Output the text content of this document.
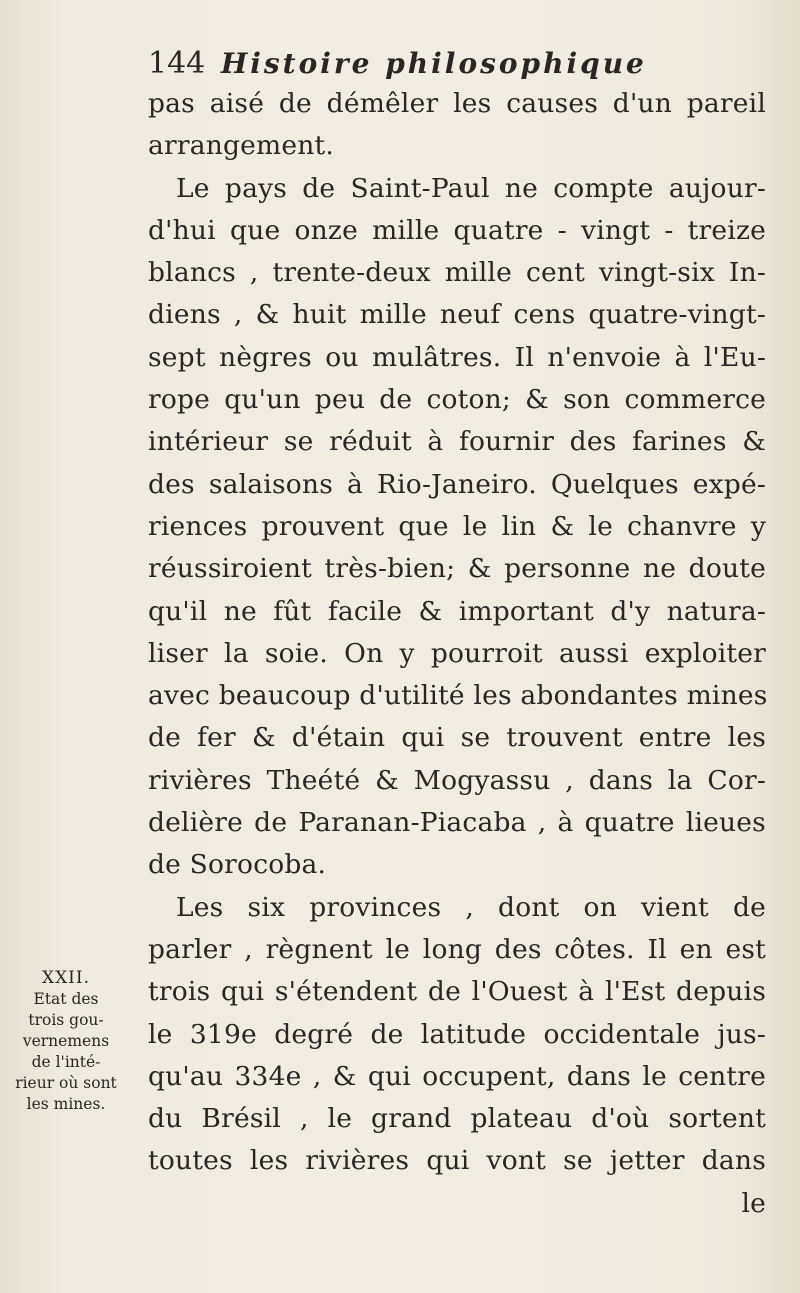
144 Histoire philosophique
pas aisé de démêler les causes d'un pareil
arrangement.
Le pays de Saint-Paul ne compte aujour-
d'hui que onze mille quatre - vingt - treize
blancs , trente-deux mille cent vingt-six In-
diens , & huit mille neuf cens quatre-vingt-
sept nègres ou mulâtres. Il n'envoie à l'Eu-
rope qu'un peu de coton; & son commerce
intérieur se réduit à fournir des farines &
des salaisons à Rio-Janeiro. Quelques expé-
riences prouvent que le lin & le chanvre y
réussiroient très-bien; & personne ne doute
qu'il ne fût facile & important d'y natura-
liser la soie. On y pourroit aussi exploiter
avec beaucoup d'utilité les abondantes mines
de fer & d'étain qui se trouvent entre les
rivières Theété & Mogyassu , dans la Cor-
delière de Paranan-Piacaba , à quatre lieues
de Sorocoba.
Les six provinces , dont on vient de
parler , règnent le long des côtes. Il en est
trois qui s'étendent de l'Ouest à l'Est depuis
le 319e degré de latitude occidentale jus-
qu'au 334e , & qui occupent, dans le centre
du Brésil , le grand plateau d'où sortent
toutes les rivières qui vont se jetter dans
le
XXII.
Etat des
trois gou-
vernemens
de l'inté-
rieur où sont
les mines.
